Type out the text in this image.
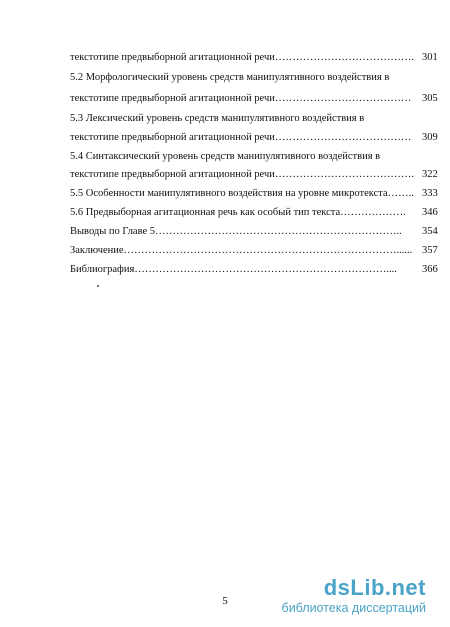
текстотипе предвыборной агитационной речи…………………………………. 301
5.2 Морфологический уровень средств манипулятивного воздействия в
текстотипе предвыборной агитационной речи………………………………… 305
5.3 Лексический уровень средств манипулятивного воздействия в
текстотипе предвыборной агитационной речи………………………………… 309
5.4 Синтаксический уровень средств манипулятивного воздействия в
текстотипе предвыборной агитационной речи…………………………………. 322
5.5 Особенности манипулятивного воздействия на уровне микротекста…….. 333
5.6 Предвыборная агитационная речь как особый тип текста………………. 346
Выводы по Главе 5…………………………………………………………….. 354
Заключение……………………………………………………………………...... 357
Библиография……………………………………………………………….... 366
5
dsLib.net
библиотека диссертаций
